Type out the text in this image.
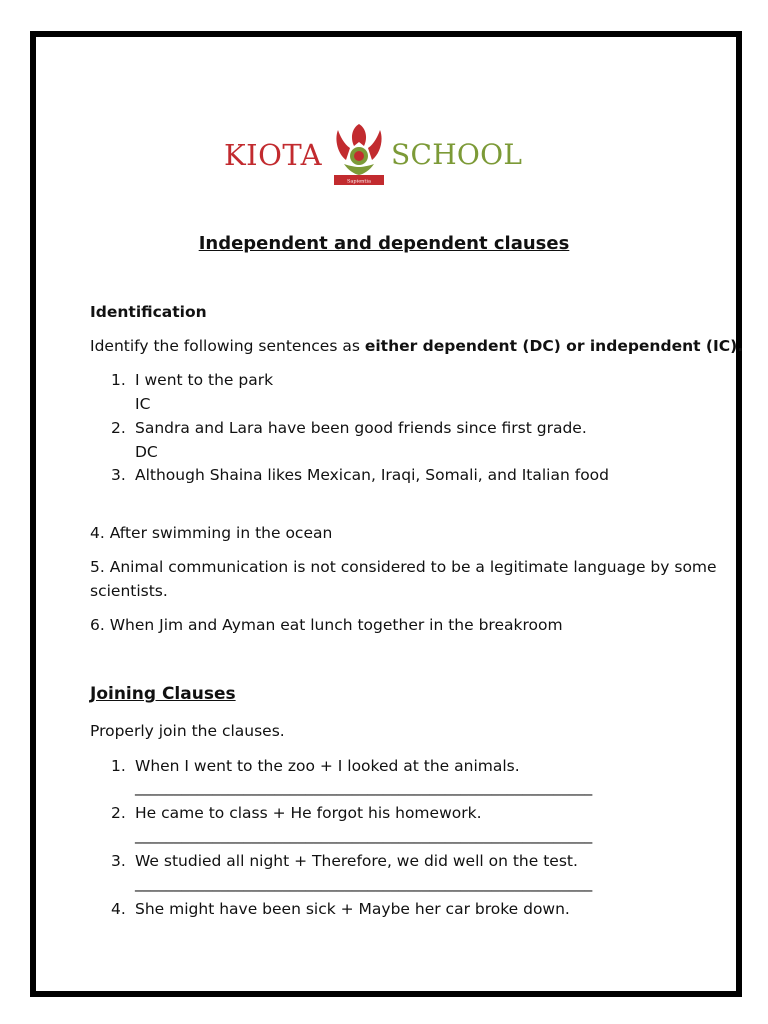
KIOTA
Sapientia
SCHOOL
Independent and dependent clauses
Identification
Identify the following sentences as either dependent (DC) or independent (IC).
1. I went to the park
IC
2. Sandra and Lara have been good friends since first grade.
DC
3. Although Shaina likes Mexican, Iraqi, Somali, and Italian food
4. After swimming in the ocean
5. Animal communication is not considered to be a legitimate language by some
scientists.
6. When Jim and Ayman eat lunch together in the breakroom
Joining Clauses
Properly join the clauses.
1. When I went to the zoo + I looked at the animals.
___________________________________________________________
2. He came to class + He forgot his homework.
___________________________________________________________
3. We studied all night + Therefore, we did well on the test.
___________________________________________________________
4. She might have been sick + Maybe her car broke down.
